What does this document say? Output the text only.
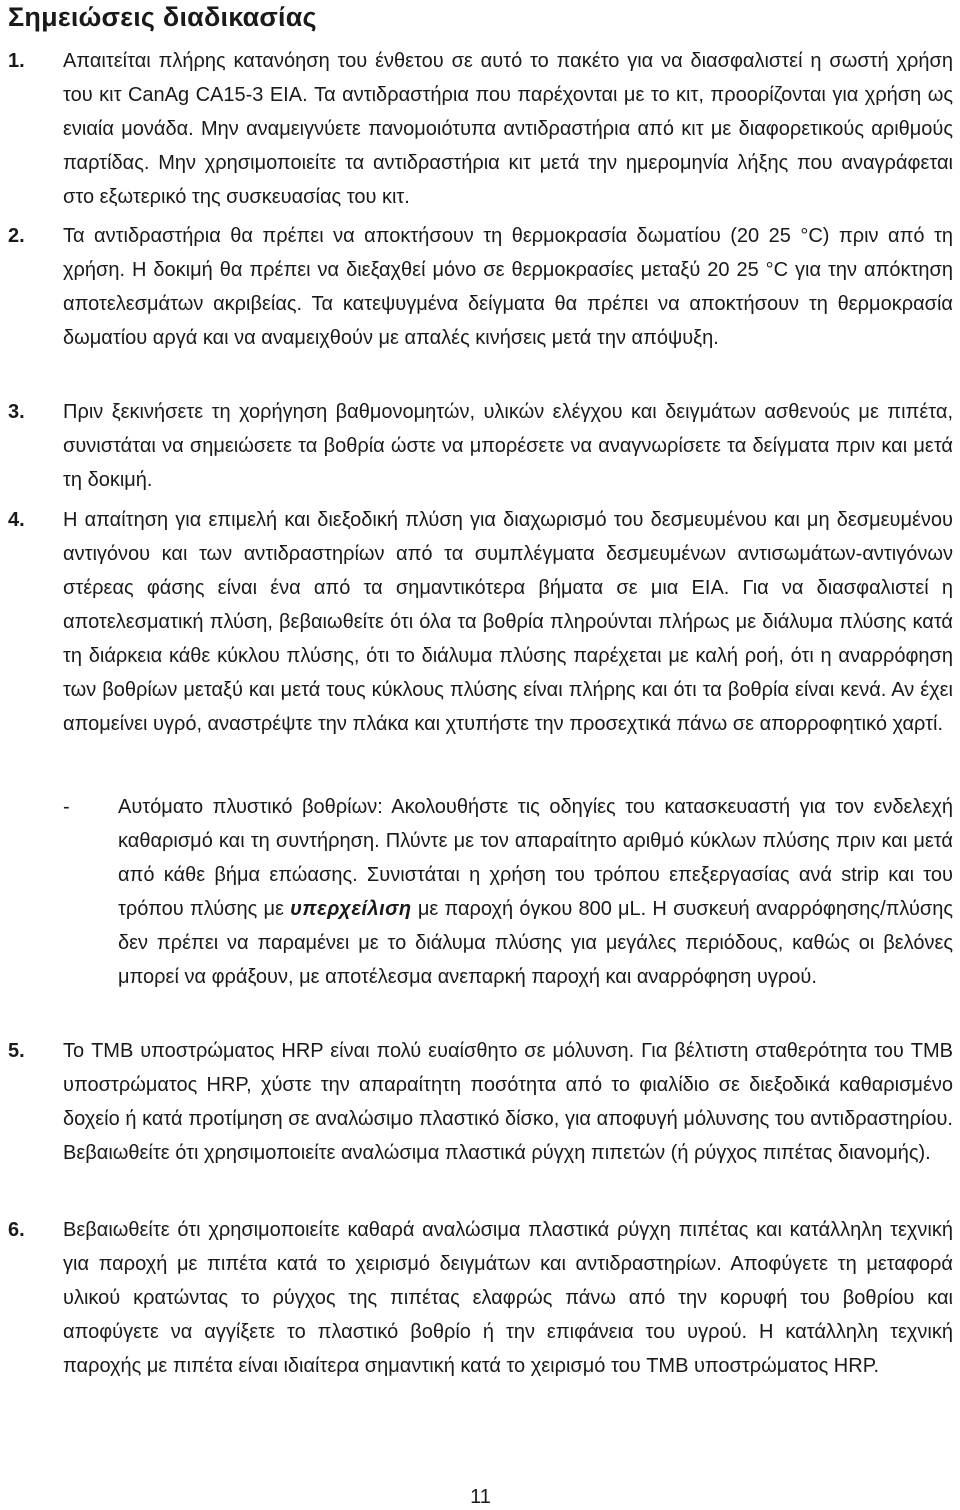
Σημειώσεις διαδικασίας
1. Απαιτείται πλήρης κατανόηση του ένθετου σε αυτό το πακέτο για να διασφαλιστεί η σωστή χρήση του κιτ CanAg CA15-3 EIA. Τα αντιδραστήρια που παρέχονται με το κιτ, προορίζονται για χρήση ως ενιαία μονάδα. Μην αναμειγνύετε πανομοιότυπα αντιδραστήρια από κιτ με διαφορετικούς αριθμούς παρτίδας. Μην χρησιμοποιείτε τα αντιδραστήρια κιτ μετά την ημερομηνία λήξης που αναγράφεται στο εξωτερικό της συσκευασίας του κιτ.
2. Τα αντιδραστήρια θα πρέπει να αποκτήσουν τη θερμοκρασία δωματίου (20 25 °C) πριν από τη χρήση. Η δοκιμή θα πρέπει να διεξαχθεί μόνο σε θερμοκρασίες μεταξύ 20 25 °C για την απόκτηση αποτελεσμάτων ακριβείας. Τα κατεψυγμένα δείγματα θα πρέπει να αποκτήσουν τη θερμοκρασία δωματίου αργά και να αναμειχθούν με απαλές κινήσεις μετά την απόψυξη.
3. Πριν ξεκινήσετε τη χορήγηση βαθμονομητών, υλικών ελέγχου και δειγμάτων ασθενούς με πιπέτα, συνιστάται να σημειώσετε τα βοθρία ώστε να μπορέσετε να αναγνωρίσετε τα δείγματα πριν και μετά τη δοκιμή.
4. Η απαίτηση για επιμελή και διεξοδική πλύση για διαχωρισμό του δεσμευμένου και μη δεσμευμένου αντιγόνου και των αντιδραστηρίων από τα συμπλέγματα δεσμευμένων αντισωμάτων-αντιγόνων στέρεας φάσης είναι ένα από τα σημαντικότερα βήματα σε μια EIA. Για να διασφαλιστεί η αποτελεσματική πλύση, βεβαιωθείτε ότι όλα τα βοθρία πληρούνται πλήρως με διάλυμα πλύσης κατά τη διάρκεια κάθε κύκλου πλύσης, ότι το διάλυμα πλύσης παρέχεται με καλή ροή, ότι η αναρρόφηση των βοθρίων μεταξύ και μετά τους κύκλους πλύσης είναι πλήρης και ότι τα βοθρία είναι κενά. Αν έχει απομείνει υγρό, αναστρέψτε την πλάκα και χτυπήστε την προσεχτικά πάνω σε απορροφητικό χαρτί.
- Αυτόματο πλυστικό βοθρίων: Ακολουθήστε τις οδηγίες του κατασκευαστή για τον ενδελεχή καθαρισμό και τη συντήρηση. Πλύντε με τον απαραίτητο αριθμό κύκλων πλύσης πριν και μετά από κάθε βήμα επώασης. Συνιστάται η χρήση του τρόπου επεξεργασίας ανά strip και του τρόπου πλύσης με υπερχείλιση με παροχή όγκου 800 μL. Η συσκευή αναρρόφησης/πλύσης δεν πρέπει να παραμένει με το διάλυμα πλύσης για μεγάλες περιόδους, καθώς οι βελόνες μπορεί να φράξουν, με αποτέλεσμα ανεπαρκή παροχή και αναρρόφηση υγρού.
5. Το TMB υποστρώματος HRP είναι πολύ ευαίσθητο σε μόλυνση. Για βέλτιστη σταθερότητα του TMB υποστρώματος HRP, χύστε την απαραίτητη ποσότητα από το φιαλίδιο σε διεξοδικά καθαρισμένο δοχείο ή κατά προτίμηση σε αναλώσιμο πλαστικό δίσκο, για αποφυγή μόλυνσης του αντιδραστηρίου. Βεβαιωθείτε ότι χρησιμοποιείτε αναλώσιμα πλαστικά ρύγχη πιπετών (ή ρύγχος πιπέτας διανομής).
6. Βεβαιωθείτε ότι χρησιμοποιείτε καθαρά αναλώσιμα πλαστικά ρύγχη πιπέτας και κατάλληλη τεχνική για παροχή με πιπέτα κατά το χειρισμό δειγμάτων και αντιδραστηρίων. Αποφύγετε τη μεταφορά υλικού κρατώντας το ρύγχος της πιπέτας ελαφρώς πάνω από την κορυφή του βοθρίου και αποφύγετε να αγγίξετε το πλαστικό βοθρίο ή την επιφάνεια του υγρού. Η κατάλληλη τεχνική παροχής με πιπέτα είναι ιδιαίτερα σημαντική κατά το χειρισμό του TMB υποστρώματος HRP.
11
